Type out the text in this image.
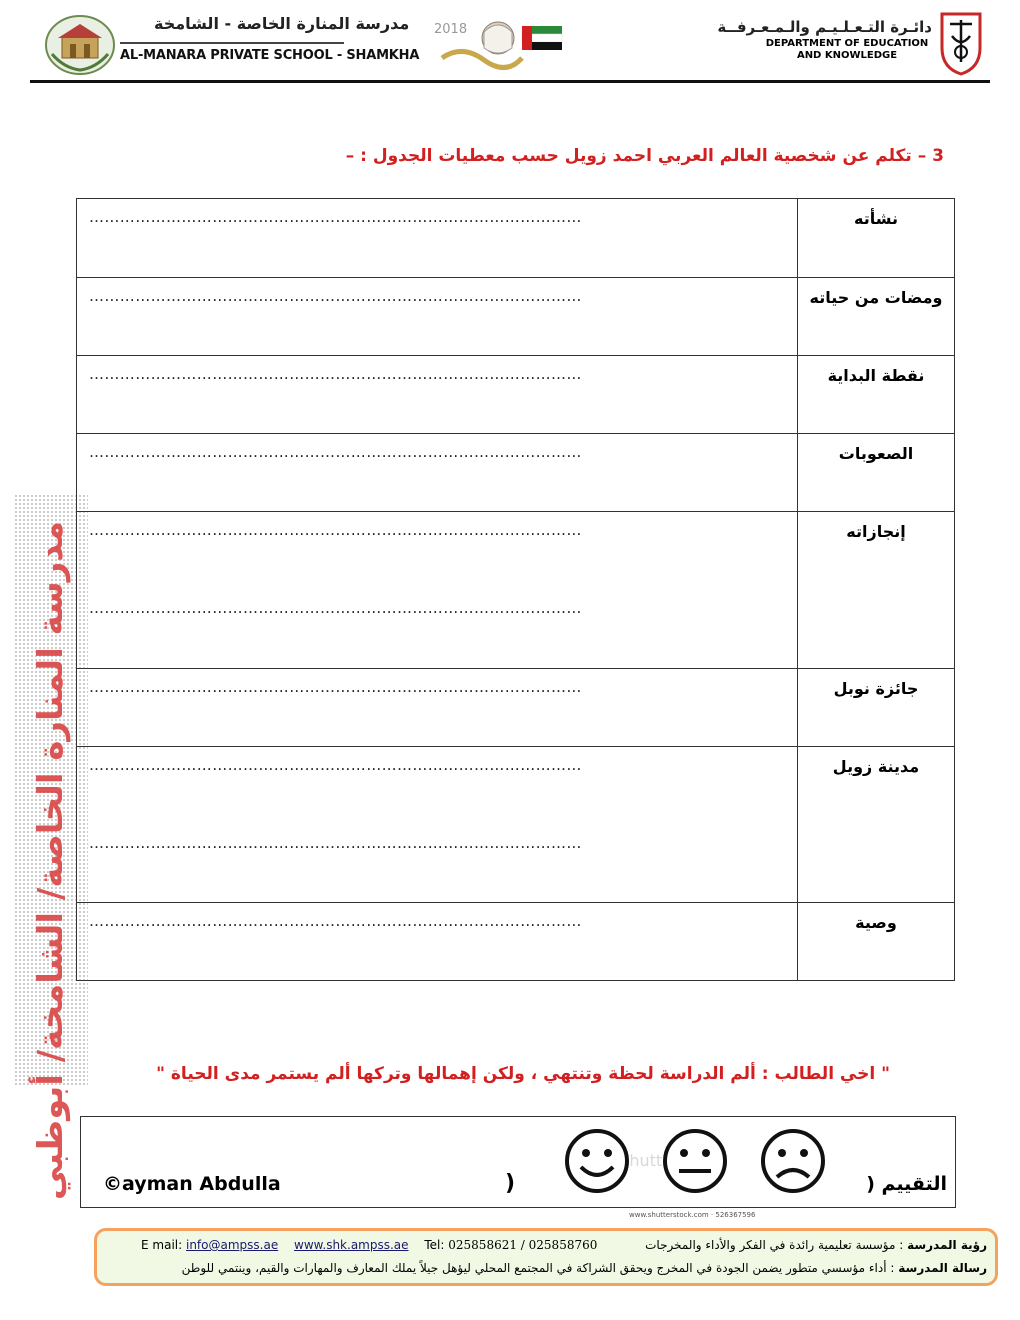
مدرسة المنارة الخاصة - الشامخة
AL-MANARA PRIVATE SCHOOL - SHAMKHA
2018	دائـرة التـعـلـيـم والـمـعـرفــة
DEPARTMENT OF EDUCATION
AND KNOWLEDGE
3 – تكلم عن شخصية العالم العربي احمد زويل حسب معطيات الجدول : –
مدرسة المنارة الخاصة/ الشامخة/ أبوظبي
نشأته	……………………………………………………………………………………

ومضات من حياته	……………………………………………………………………………………

نقطة البداية	……………………………………………………………………………………

الصعوبات	……………………………………………………………………………………

إنجازاته	……………………………………………………………………………………
……………………………………………………………………………………

جائزة نوبل	……………………………………………………………………………………

مدينة زويل	……………………………………………………………………………………
……………………………………………………………………………………

وصية	……………………………………………………………………………………
" اخي الطالب : ألم الدراسة لحظة وتنتهي ، ولكن إهمالها وتركها ألم يستمر مدى الحياة "
©ayman Abdulla	)
www.shutterstock.com · 526367596
التقييم (
رؤية المدرسة : مؤسسة تعليمية رائدة في الفكر والأداء والمخرجات
E mail: info@ampss.ae www.shk.ampss.ae Tel: 025858621 / 025858760
رسالة المدرسة : أداء مؤسسي متطور يضمن الجودة في المخرج ويحقق الشراكة في المجتمع المحلي ليؤهل جيلاً يملك المعارف والمهارات والقيم، وينتمي للوطن
